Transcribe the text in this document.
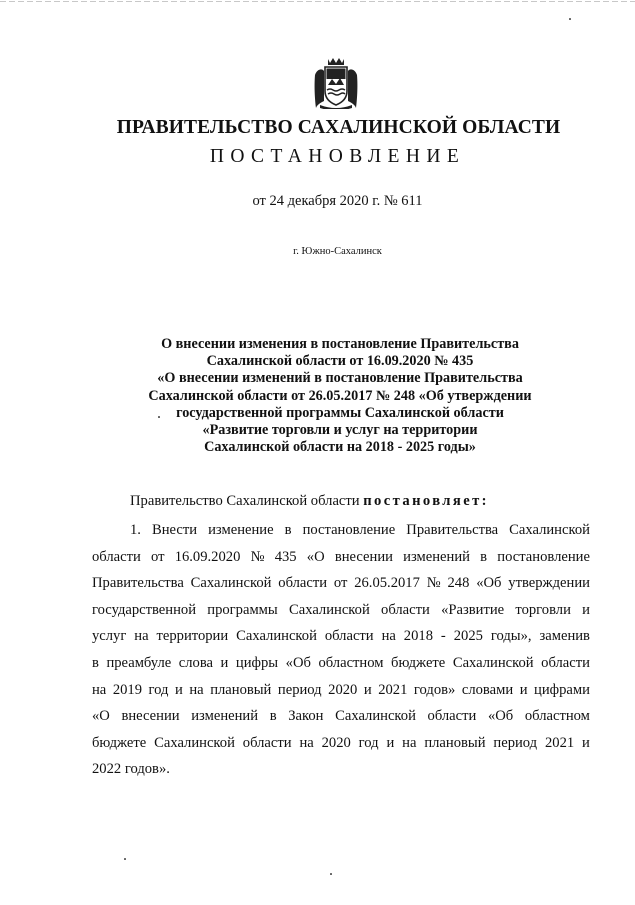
ПРАВИТЕЛЬСТВО САХАЛИНСКОЙ ОБЛАСТИ
ПОСТАНОВЛЕНИЕ
от 24 декабря 2020 г. № 611
г. Южно-Сахалинск
О внесении изменения в постановление Правительства
Сахалинской области от 16.09.2020 № 435
«О внесении изменений в постановление Правительства
Сахалинской области от 26.05.2017 № 248 «Об утверждении
государственной программы Сахалинской области
«Развитие торговли и услуг на территории
Сахалинской области на 2018 - 2025 годы»
Правительство Сахалинской области постановляет:
1. Внести изменение в постановление Правительства Сахалинской
области от 16.09.2020 № 435 «О внесении изменений в постановление
Правительства Сахалинской области от 26.05.2017 № 248 «Об утверждении
государственной программы Сахалинской области «Развитие торговли и
услуг на территории Сахалинской области на 2018 - 2025 годы», заменив
в преамбуле слова и цифры «Об областном бюджете Сахалинской области
на 2019 год и на плановый период 2020 и 2021 годов» словами и цифрами
«О внесении изменений в Закон Сахалинской области «Об областном
бюджете Сахалинской области на 2020 год и на плановый период 2021 и
2022 годов».
